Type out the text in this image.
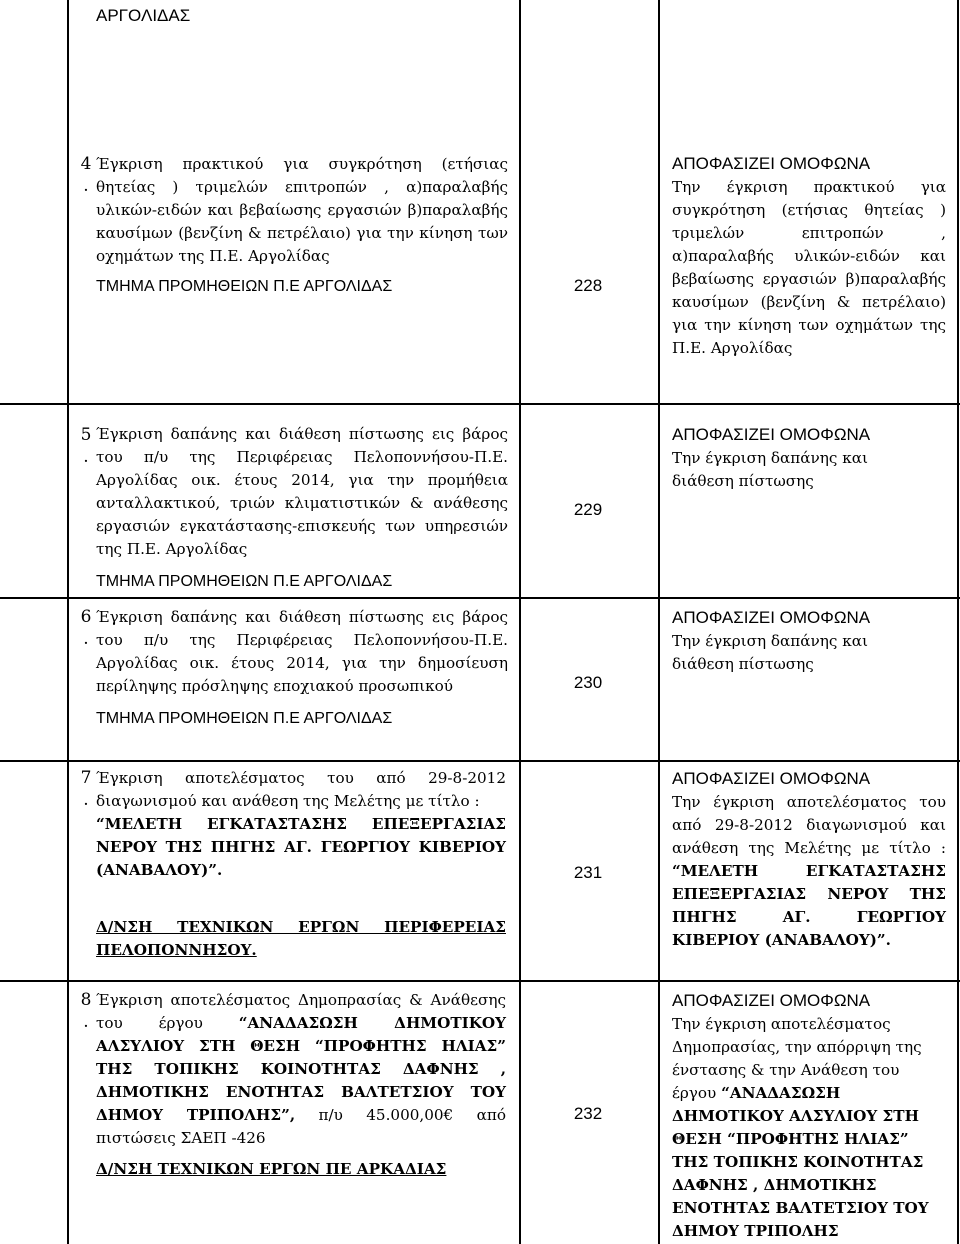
ΑΡΓΟΛΙΔΑΣ
4
.
Έγκριση πρακτικού για συγκρότηση (ετήσιας θητείας ) τριμελών επιτροπών , α)παραλαβής υλικών-ειδών και βεβαίωσης εργασιών β)παραλαβής καυσίμων (βενζίνη & πετρέλαιο) για την κίνηση των οχημάτων της Π.Ε. Αργολίδας
ΤΜΗΜΑ ΠΡΟΜΗΘΕΙΩΝ Π.Ε ΑΡΓΟΛΙΔΑΣ	228
ΑΠΟΦΑΣΙΖΕΙ ΟΜΟΦΩΝΑ
Την έγκριση πρακτικού για συγκρότηση (ετήσιας θητείας ) τριμελών επιτροπών , α)παραλαβής υλικών-ειδών και βεβαίωσης εργασιών β)παραλαβής καυσίμων (βενζίνη & πετρέλαιο) για την κίνηση των οχημάτων της Π.Ε. Αργολίδας
5
.
Έγκριση δαπάνης και διάθεση πίστωσης εις βάρος του π/υ της Περιφέρειας Πελοποννήσου-Π.Ε. Αργολίδας οικ. έτους 2014, για την προμήθεια ανταλλακτικού, τριών κλιματιστικών & ανάθεσης εργασιών εγκατάστασης-επισκευής των υπηρεσιών της Π.Ε. Αργολίδας
ΤΜΗΜΑ ΠΡΟΜΗΘΕΙΩΝ Π.Ε ΑΡΓΟΛΙΔΑΣ
229
ΑΠΟΦΑΣΙΖΕΙ ΟΜΟΦΩΝΑ
Την έγκριση δαπάνης και διάθεση πίστωσης
6
.
Έγκριση δαπάνης και διάθεση πίστωσης εις βάρος του π/υ της Περιφέρειας Πελοποννήσου-Π.Ε. Αργολίδας οικ. έτους 2014, για την δημοσίευση περίληψης πρόσληψης εποχιακού προσωπικού
ΤΜΗΜΑ ΠΡΟΜΗΘΕΙΩΝ Π.Ε ΑΡΓΟΛΙΔΑΣ
230
ΑΠΟΦΑΣΙΖΕΙ ΟΜΟΦΩΝΑ
Την έγκριση δαπάνης και διάθεση πίστωσης
7
.
Έγκριση αποτελέσματος του από 29-8-2012 διαγωνισμού και ανάθεση της Μελέτης με τίτλο :
“ΜΕΛΕΤΗ ΕΓΚΑΤΑΣΤΑΣΗΣ ΕΠΕΞΕΡΓΑΣΙΑΣ ΝΕΡΟΥ ΤΗΣ ΠΗΓΗΣ ΑΓ. ΓΕΩΡΓΙΟΥ ΚΙΒΕΡΙΟΥ (ΑΝΑΒΑΛΟΥ)”.
Δ/ΝΣΗ ΤΕΧΝΙΚΩΝ ΕΡΓΩΝ ΠΕΡΙΦΕΡΕΙΑΣ ΠΕΛΟΠΟΝΝΗΣΟΥ.
231
ΑΠΟΦΑΣΙΖΕΙ ΟΜΟΦΩΝΑ
Την έγκριση αποτελέσματος του από 29-8-2012 διαγωνισμού και ανάθεση της Μελέτης με τίτλο : “ΜΕΛΕΤΗ ΕΓΚΑΤΑΣΤΑΣΗΣ ΕΠΕΞΕΡΓΑΣΙΑΣ ΝΕΡΟΥ ΤΗΣ ΠΗΓΗΣ ΑΓ. ΓΕΩΡΓΙΟΥ ΚΙΒΕΡΙΟΥ (ΑΝΑΒΑΛΟΥ)”.
8
.
Έγκριση αποτελέσματος Δημοπρασίας & Ανάθεσης του έργου “ΑΝΑΔΑΣΩΣΗ ΔΗΜΟΤΙΚΟΥ ΑΛΣΥΛΙΟΥ ΣΤΗ ΘΕΣΗ “ΠΡΟΦΗΤΗΣ ΗΛΙΑΣ” ΤΗΣ ΤΟΠΙΚΗΣ ΚΟΙΝΟΤΗΤΑΣ ΔΑΦΝΗΣ , ΔΗΜΟΤΙΚΗΣ ΕΝΟΤΗΤΑΣ ΒΑΛΤΕΤΣΙΟΥ ΤΟΥ ΔΗΜΟΥ ΤΡΙΠΟΛΗΣ”, π/υ 45.000,00€ από πιστώσεις ΣΑΕΠ -426
Δ/ΝΣΗ ΤΕΧΝΙΚΩΝ ΕΡΓΩΝ ΠΕ ΑΡΚΑΔΙΑΣ
232
ΑΠΟΦΑΣΙΖΕΙ ΟΜΟΦΩΝΑ
Την έγκριση αποτελέσματος Δημοπρασίας, την απόρριψη της ένστασης & την Ανάθεση του έργου “ΑΝΑΔΑΣΩΣΗ ΔΗΜΟΤΙΚΟΥ ΑΛΣΥΛΙΟΥ ΣΤΗ ΘΕΣΗ “ΠΡΟΦΗΤΗΣ ΗΛΙΑΣ” ΤΗΣ ΤΟΠΙΚΗΣ ΚΟΙΝΟΤΗΤΑΣ ΔΑΦΝΗΣ , ΔΗΜΟΤΙΚΗΣ ΕΝΟΤΗΤΑΣ ΒΑΛΤΕΤΣΙΟΥ ΤΟΥ ΔΗΜΟΥ ΤΡΙΠΟΛΗΣ
